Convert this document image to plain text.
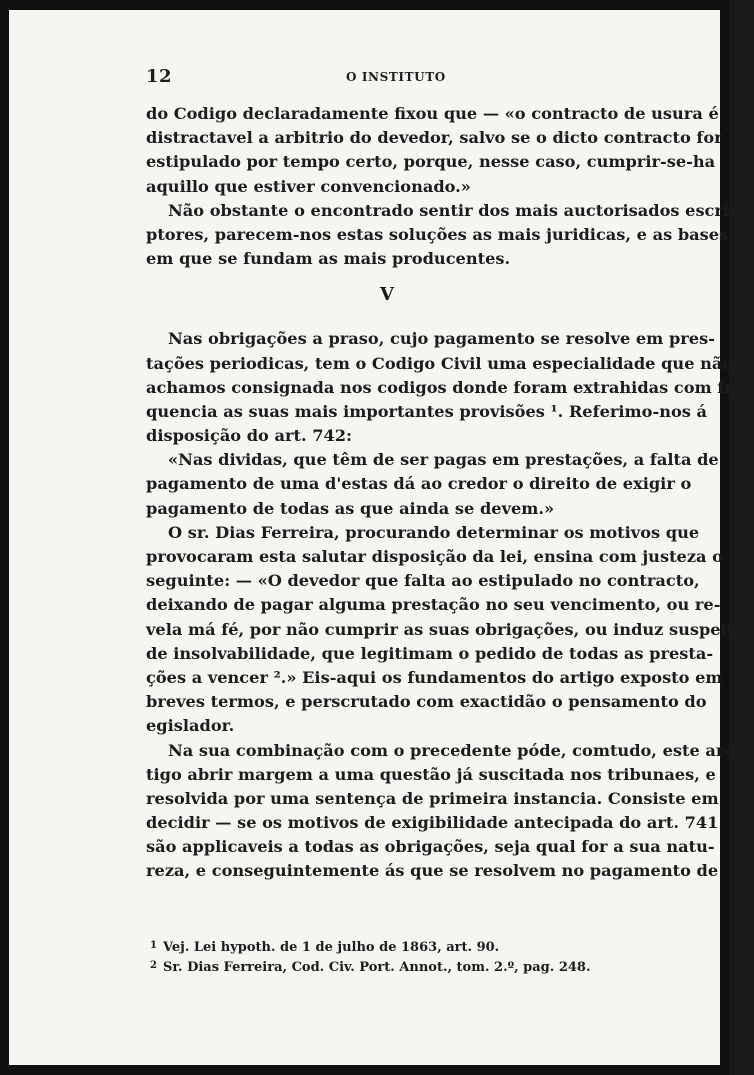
12	O INSTITUTO
do Codigo declaradamente fixou que — «o contracto de usura é
distractavel a arbitrio do devedor, salvo se o dicto contracto for
estipulado por tempo certo, porque, nesse caso, cumprir-se-ha
aquillo que estiver convencionado.»
Não obstante o encontrado sentir dos mais auctorisados escri-
ptores, parecem-nos estas soluções as mais juridicas, e as bases
em que se fundam as mais producentes.
V
Nas obrigações a praso, cujo pagamento se resolve em pres-
tações periodicas, tem o Codigo Civil uma especialidade que não
achamos consignada nos codigos donde foram extrahidas com fre-
quencia as suas mais importantes provisões ¹. Referimo-nos á
disposição do art. 742:
«Nas dividas, que têm de ser pagas em prestações, a falta de
pagamento de uma d'estas dá ao credor o direito de exigir o
pagamento de todas as que ainda se devem.»
O sr. Dias Ferreira, procurando determinar os motivos que
provocaram esta salutar disposição da lei, ensina com justeza o
seguinte: — «O devedor que falta ao estipulado no contracto,
deixando de pagar alguma prestação no seu vencimento, ou re-
vela má fé, por não cumprir as suas obrigações, ou induz suspeitas
de insolvabilidade, que legitimam o pedido de todas as presta-
ções a vencer ².» Eis-aqui os fundamentos do artigo exposto em
breves termos, e perscrutado com exactidão o pensamento do
egislador.
Na sua combinação com o precedente póde, comtudo, este ar-
tigo abrir margem a uma questão já suscitada nos tribunaes, e
resolvida por uma sentença de primeira instancia. Consiste em
decidir — se os motivos de exigibilidade antecipada do art. 741
são applicaveis a todas as obrigações, seja qual for a sua natu-
reza, e conseguintemente ás que se resolvem no pagamento de
$^1$ Vej. Lei hypoth. de 1 de julho de 1863, art. 90.
$^2$ Sr. Dias Ferreira, Cod. Civ. Port. Annot., tom. 2.º, pag. 248.
